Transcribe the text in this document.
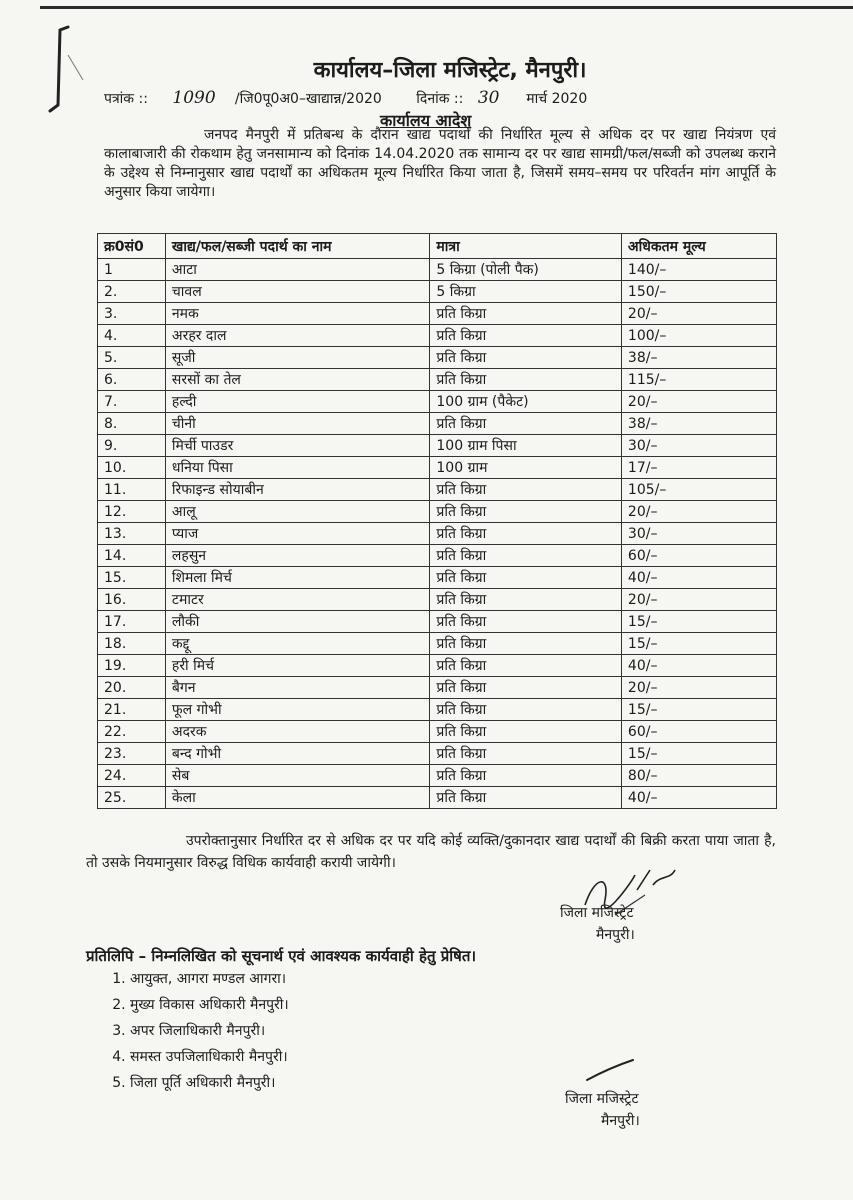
कार्यालय–जिला मजिस्ट्रेट, मैनपुरी।
पत्रांक :: 1090 /जि0पू0अ0–खाद्यान्न/2020 दिनांक :: 30 मार्च 2020
कार्यालय आदेश
जनपद मैनपुरी में प्रतिबन्ध के दौरान खाद्य पदार्थों की निर्धारित मूल्य से अधिक दर पर खाद्य नियंत्रण एवं कालाबाजारी की रोकथाम हेतु जनसामान्य को दिनांक 14.04.2020 तक सामान्य दर पर खाद्य सामग्री/फल/सब्जी को उपलब्ध कराने के उद्देश्य से निम्नानुसार खाद्य पदार्थों का अधिकतम मूल्य निर्धारित किया जाता है, जिसमें समय–समय पर परिवर्तन मांग आपूर्ति के अनुसार किया जायेगा।
क्र0सं0	खाद्य/फल/सब्जी पदार्थ का नाम	मात्रा	अधिकतम मूल्य
1	आटा	5 किग्रा (पोली पैक)	140/–
2.	चावल	5 किग्रा	150/–
3.	नमक	प्रति किग्रा	20/–
4.	अरहर दाल	प्रति किग्रा	100/–
5.	सूजी	प्रति किग्रा	38/–
6.	सरसों का तेल	प्रति किग्रा	115/–
7.	हल्दी	100 ग्राम (पैकेट)	20/–
8.	चीनी	प्रति किग्रा	38/–
9.	मिर्ची पाउडर	100 ग्राम पिसा	30/–
10.	धनिया पिसा	100 ग्राम	17/–
11.	रिफाइन्ड सोयाबीन	प्रति किग्रा	105/–
12.	आलू	प्रति किग्रा	20/–
13.	प्याज	प्रति किग्रा	30/–
14.	लहसुन	प्रति किग्रा	60/–
15.	शिमला मिर्च	प्रति किग्रा	40/–
16.	टमाटर	प्रति किग्रा	20/–
17.	लौकी	प्रति किग्रा	15/–
18.	कद्दू	प्रति किग्रा	15/–
19.	हरी मिर्च	प्रति किग्रा	40/–
20.	बैगन	प्रति किग्रा	20/–
21.	फूल गोभी	प्रति किग्रा	15/–
22.	अदरक	प्रति किग्रा	60/–
23.	बन्द गोभी	प्रति किग्रा	15/–
24.	सेब	प्रति किग्रा	80/–
25.	केला	प्रति किग्रा	40/–
उपरोक्तानुसार निर्धारित दर से अधिक दर पर यदि कोई व्यक्ति/दुकानदार खाद्य पदार्थों की बिक्री करता पाया जाता है, तो उसके नियमानुसार विरुद्ध विधिक कार्यवाही करायी जायेगी।
जिला मजिस्ट्रेट
मैनपुरी।
प्रतिलिपि – निम्नलिखित को सूचनार्थ एवं आवश्यक कार्यवाही हेतु प्रेषित।
1. आयुक्त, आगरा मण्डल आगरा।
2. मुख्य विकास अधिकारी मैनपुरी।
3. अपर जिलाधिकारी मैनपुरी।
4. समस्त उपजिलाधिकारी मैनपुरी।
5. जिला पूर्ति अधिकारी मैनपुरी।
जिला मजिस्ट्रेट
मैनपुरी।
